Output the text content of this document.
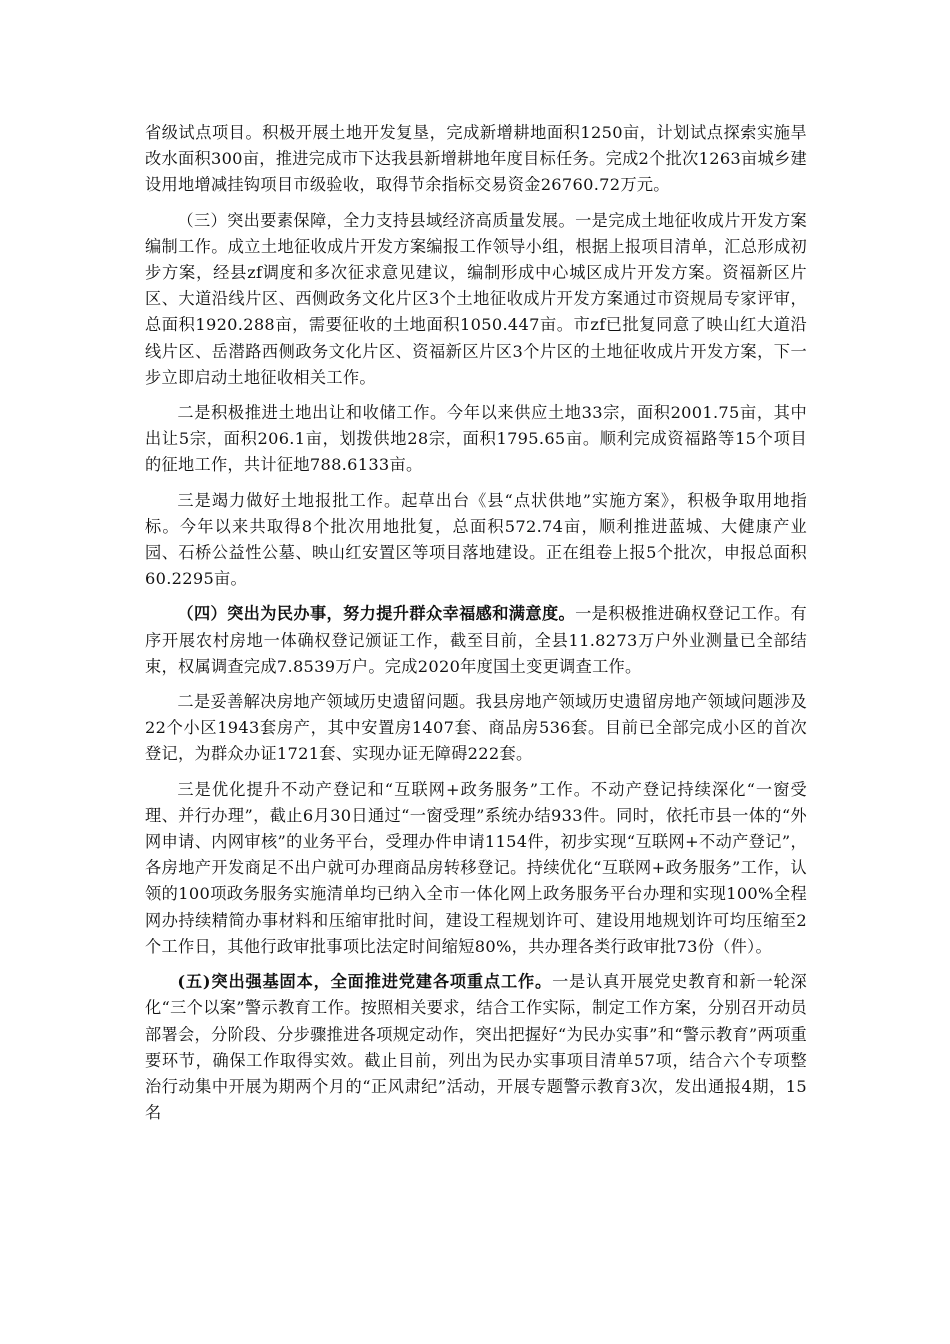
省级试点项目。积极开展土地开发复垦，完成新增耕地面积1250亩，计划试点探索实施旱改水面积300亩，推进完成市下达我县新增耕地年度目标任务。完成2个批次1263亩城乡建设用地增减挂钩项目市级验收，取得节余指标交易资金26760.72万元。

（三）突出要素保障，全力支持县域经济高质量发展。一是完成土地征收成片开发方案编制工作。成立土地征收成片开发方案编报工作领导小组，根据上报项目清单，汇总形成初步方案，经县zf调度和多次征求意见建议，编制形成中心城区成片开发方案。资福新区片区、大道沿线片区、西侧政务文化片区3个土地征收成片开发方案通过市资规局专家评审，总面积1920.288亩，需要征收的土地面积1050.447亩。市zf已批复同意了映山红大道沿线片区、岳潜路西侧政务文化片区、资福新区片区3个片区的土地征收成片开发方案，下一步立即启动土地征收相关工作。

二是积极推进土地出让和收储工作。今年以来供应土地33宗，面积2001.75亩，其中出让5宗，面积206.1亩，划拨供地28宗，面积1795.65亩。顺利完成资福路等15个项目的征地工作，共计征地788.6133亩。

三是竭力做好土地报批工作。起草出台《县“点状供地”实施方案》，积极争取用地指标。今年以来共取得8个批次用地批复，总面积572.74亩，顺利推进蓝城、大健康产业园、石桥公益性公墓、映山红安置区等项目落地建设。正在组卷上报5个批次，申报总面积60.2295亩。

（四）突出为民办事，努力提升群众幸福感和满意度。一是积极推进确权登记工作。有序开展农村房地一体确权登记颁证工作，截至目前，全县11.8273万户外业测量已全部结束，权属调查完成7.8539万户。完成2020年度国土变更调查工作。

二是妥善解决房地产领域历史遗留问题。我县房地产领域历史遗留房地产领域问题涉及22个小区1943套房产，其中安置房1407套、商品房536套。目前已全部完成小区的首次登记，为群众办证1721套、实现办证无障碍222套。

三是优化提升不动产登记和“互联网+政务服务”工作。不动产登记持续深化“一窗受理、并行办理”，截止6月30日通过“一窗受理”系统办结933件。同时，依托市县一体的“外网申请、内网审核”的业务平台，受理办件申请1154件，初步实现“互联网+不动产登记”，各房地产开发商足不出户就可办理商品房转移登记。持续优化“互联网+政务服务”工作，认领的100项政务服务实施清单均已纳入全市一体化网上政务服务平台办理和实现100%全程网办持续精简办事材料和压缩审批时间，建设工程规划许可、建设用地规划许可均压缩至2个工作日，其他行政审批事项比法定时间缩短80%，共办理各类行政审批73份（件）。

(五)突出强基固本，全面推进党建各项重点工作。一是认真开展党史教育和新一轮深化“三个以案”警示教育工作。按照相关要求，结合工作实际，制定工作方案，分别召开动员部署会，分阶段、分步骤推进各项规定动作，突出把握好“为民办实事”和“警示教育”两项重要环节，确保工作取得实效。截止目前，列出为民办实事项目清单57项，结合六个专项整治行动集中开展为期两个月的“正风肃纪”活动，开展专题警示教育3次，发出通报4期，15名
